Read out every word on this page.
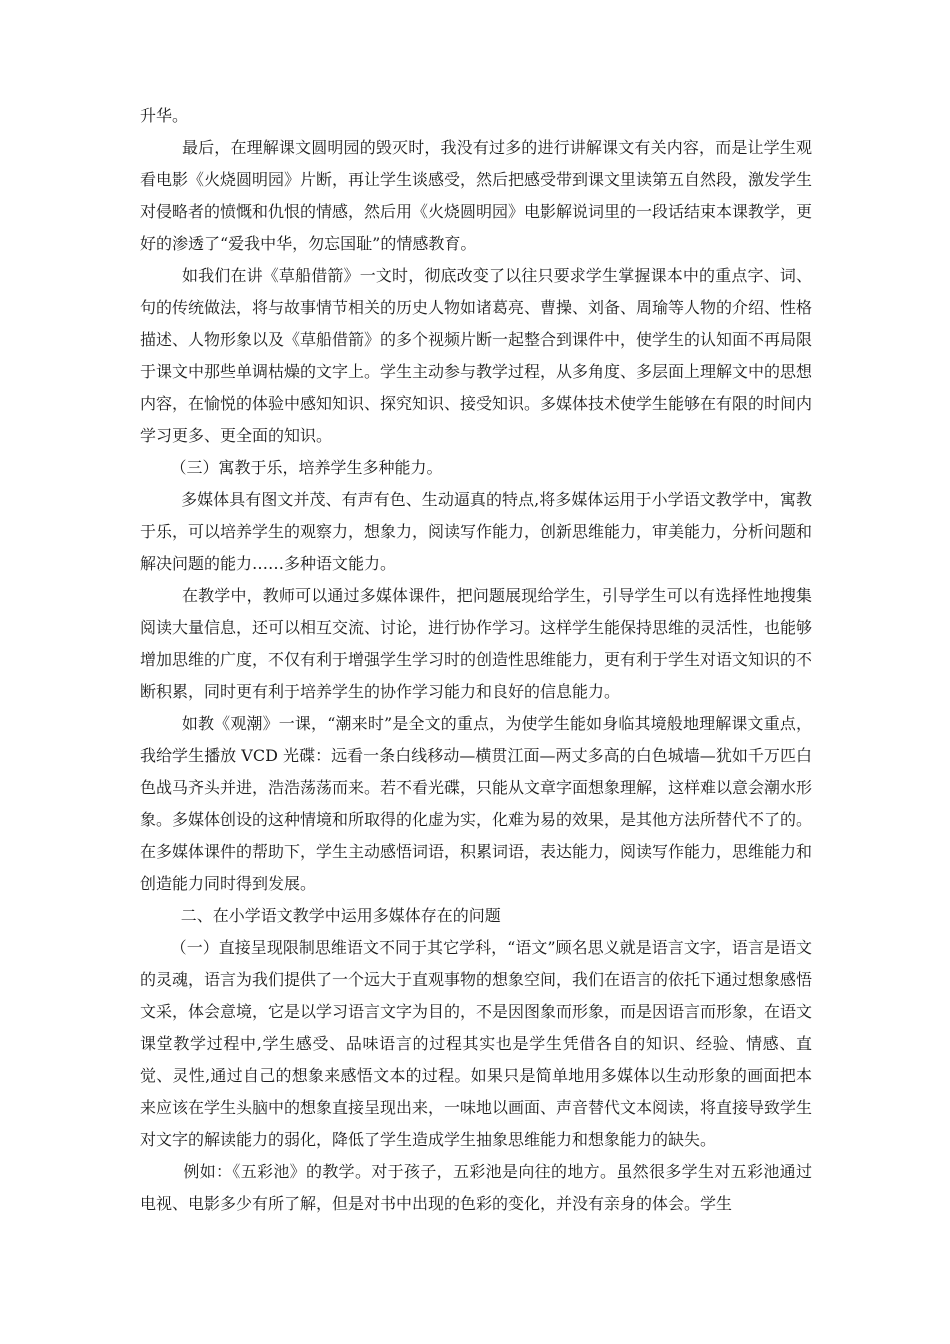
升华。

最后，在理解课文圆明园的毁灭时，我没有过多的进行讲解课文有关内容，而是让学生观看电影《火烧圆明园》片断，再让学生谈感受，然后把感受带到课文里读第五自然段，激发学生对侵略者的愤慨和仇恨的情感，然后用《火烧圆明园》电影解说词里的一段话结束本课教学，更好的渗透了“爱我中华，勿忘国耻”的情感教育。

如我们在讲《草船借箭》一文时，彻底改变了以往只要求学生掌握课本中的重点字、词、句的传统做法，将与故事情节相关的历史人物如诸葛亮、曹操、刘备、周瑜等人物的介绍、性格描述、人物形象以及《草船借箭》的多个视频片断一起整合到课件中，使学生的认知面不再局限于课文中那些单调枯燥的文字上。学生主动参与教学过程，从多角度、多层面上理解文中的思想内容，在愉悦的体验中感知知识、探究知识、接受知识。多媒体技术使学生能够在有限的时间内学习更多、更全面的知识。

（三）寓教于乐，培养学生多种能力。

多媒体具有图文并茂、有声有色、生动逼真的特点,将多媒体运用于小学语文教学中，寓教于乐，可以培养学生的观察力，想象力，阅读写作能力，创新思维能力，审美能力，分析问题和解决问题的能力……多种语文能力。

在教学中，教师可以通过多媒体课件，把问题展现给学生，引导学生可以有选择性地搜集阅读大量信息，还可以相互交流、讨论，进行协作学习。这样学生能保持思维的灵活性，也能够增加思维的广度，不仅有利于增强学生学习时的创造性思维能力，更有利于学生对语文知识的不断积累，同时更有利于培养学生的协作学习能力和良好的信息能力。

如教《观潮》一课，“潮来时”是全文的重点，为使学生能如身临其境般地理解课文重点，我给学生播放 VCD 光碟：远看一条白线移动—横贯江面—两丈多高的白色城墙—犹如千万匹白色战马齐头并进，浩浩荡荡而来。若不看光碟，只能从文章字面想象理解，这样难以意会潮水形象。多媒体创设的这种情境和所取得的化虚为实，化难为易的效果，是其他方法所替代不了的。在多媒体课件的帮助下，学生主动感悟词语，积累词语，表达能力，阅读写作能力，思维能力和创造能力同时得到发展。

二、在小学语文教学中运用多媒体存在的问题

（一）直接呈现限制思维语文不同于其它学科，“语文”顾名思义就是语言文字，语言是语文的灵魂，语言为我们提供了一个远大于直观事物的想象空间，我们在语言的依托下通过想象感悟文采，体会意境，它是以学习语言文字为目的，不是因图象而形象，而是因语言而形象，在语文课堂教学过程中,学生感受、品味语言的过程其实也是学生凭借各自的知识、经验、情感、直觉、灵性,通过自己的想象来感悟文本的过程。如果只是简单地用多媒体以生动形象的画面把本来应该在学生头脑中的想象直接呈现出来，一味地以画面、声音替代文本阅读，将直接导致学生对文字的解读能力的弱化，降低了学生造成学生抽象思维能力和想象能力的缺失。

例如：《五彩池》的教学。对于孩子，五彩池是向往的地方。虽然很多学生对五彩池通过电视、电影多少有所了解，但是对书中出现的色彩的变化，并没有亲身的体会。学生
